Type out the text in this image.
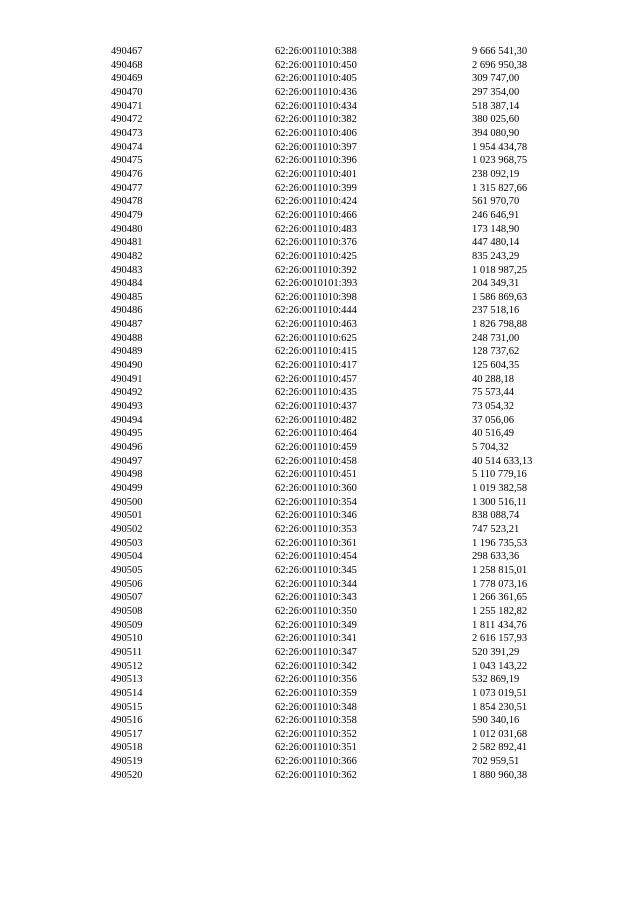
490467	62:26:0011010:388	9 666 541,30
490468	62:26:0011010:450	2 696 950,38
490469	62:26:0011010:405	309 747,00
490470	62:26:0011010:436	297 354,00
490471	62:26:0011010:434	518 387,14
490472	62:26:0011010:382	380 025,60
490473	62:26:0011010:406	394 080,90
490474	62:26:0011010:397	1 954 434,78
490475	62:26:0011010:396	1 023 968,75
490476	62:26:0011010:401	238 092,19
490477	62:26:0011010:399	1 315 827,66
490478	62:26:0011010:424	561 970,70
490479	62:26:0011010:466	246 646,91
490480	62:26:0011010:483	173 148,90
490481	62:26:0011010:376	447 480,14
490482	62:26:0011010:425	835 243,29
490483	62:26:0011010:392	1 018 987,25
490484	62:26:0010101:393	204 349,31
490485	62:26:0011010:398	1 586 869,63
490486	62:26:0011010:444	237 518,16
490487	62:26:0011010:463	1 826 798,88
490488	62:26:0011010:625	248 731,00
490489	62:26:0011010:415	128 737,62
490490	62:26:0011010:417	125 604,35
490491	62:26:0011010:457	40 288,18
490492	62:26:0011010:435	75 573,44
490493	62:26:0011010:437	73 054,32
490494	62:26:0011010:482	37 056,06
490495	62:26:0011010:464	40 516,49
490496	62:26:0011010:459	5 704,32
490497	62:26:0011010:458	40 514 633,13
490498	62:26:0011010:451	5 110 779,16
490499	62:26:0011010:360	1 019 382,58
490500	62:26:0011010:354	1 300 516,11
490501	62:26:0011010:346	838 088,74
490502	62:26:0011010:353	747 523,21
490503	62:26:0011010:361	1 196 735,53
490504	62:26:0011010:454	298 633,36
490505	62:26:0011010:345	1 258 815,01
490506	62:26:0011010:344	1 778 073,16
490507	62:26:0011010:343	1 266 361,65
490508	62:26:0011010:350	1 255 182,82
490509	62:26:0011010:349	1 811 434,76
490510	62:26:0011010:341	2 616 157,93
490511	62:26:0011010:347	520 391,29
490512	62:26:0011010:342	1 043 143,22
490513	62:26:0011010:356	532 869,19
490514	62:26:0011010:359	1 073 019,51
490515	62:26:0011010:348	1 854 230,51
490516	62:26:0011010:358	590 340,16
490517	62:26:0011010:352	1 012 031,68
490518	62:26:0011010:351	2 582 892,41
490519	62:26:0011010:366	702 959,51
490520	62:26:0011010:362	1 880 960,38
